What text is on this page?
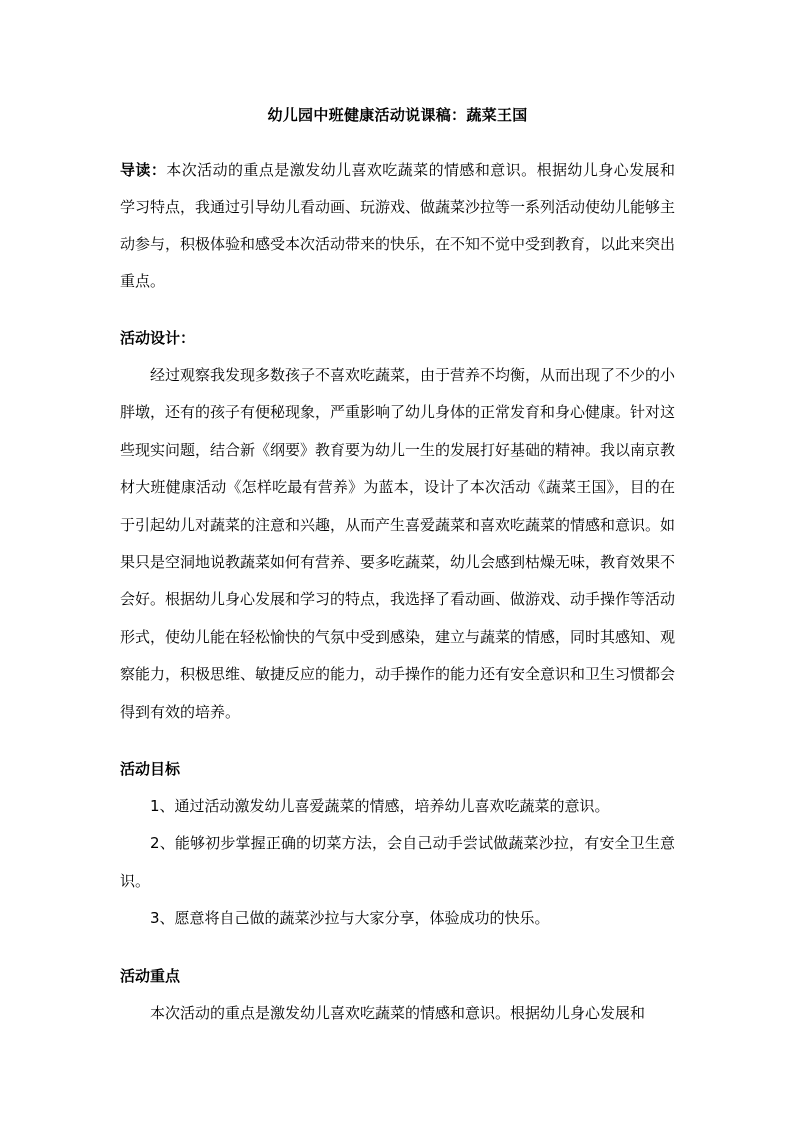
幼儿园中班健康活动说课稿：蔬菜王国

导读：本次活动的重点是激发幼儿喜欢吃蔬菜的情感和意识。根据幼儿身心发展和学习特点，我通过引导幼儿看动画、玩游戏、做蔬菜沙拉等一系列活动使幼儿能够主动参与，积极体验和感受本次活动带来的快乐，在不知不觉中受到教育，以此来突出重点。

活动设计：

经过观察我发现多数孩子不喜欢吃蔬菜，由于营养不均衡，从而出现了不少的小胖墩，还有的孩子有便秘现象，严重影响了幼儿身体的正常发育和身心健康。针对这些现实问题，结合新《纲要》教育要为幼儿一生的发展打好基础的精神。我以南京教材大班健康活动《怎样吃最有营养》为蓝本，设计了本次活动《蔬菜王国》，目的在于引起幼儿对蔬菜的注意和兴趣，从而产生喜爱蔬菜和喜欢吃蔬菜的情感和意识。如果只是空洞地说教蔬菜如何有营养、要多吃蔬菜，幼儿会感到枯燥无味，教育效果不会好。根据幼儿身心发展和学习的特点，我选择了看动画、做游戏、动手操作等活动形式，使幼儿能在轻松愉快的气氛中受到感染，建立与蔬菜的情感，同时其感知、观察能力，积极思维、敏捷反应的能力，动手操作的能力还有安全意识和卫生习惯都会得到有效的培养。

活动目标

1、通过活动激发幼儿喜爱蔬菜的情感，培养幼儿喜欢吃蔬菜的意识。

2、能够初步掌握正确的切菜方法，会自己动手尝试做蔬菜沙拉，有安全卫生意识。

3、愿意将自己做的蔬菜沙拉与大家分享，体验成功的快乐。

活动重点

本次活动的重点是激发幼儿喜欢吃蔬菜的情感和意识。根据幼儿身心发展和
